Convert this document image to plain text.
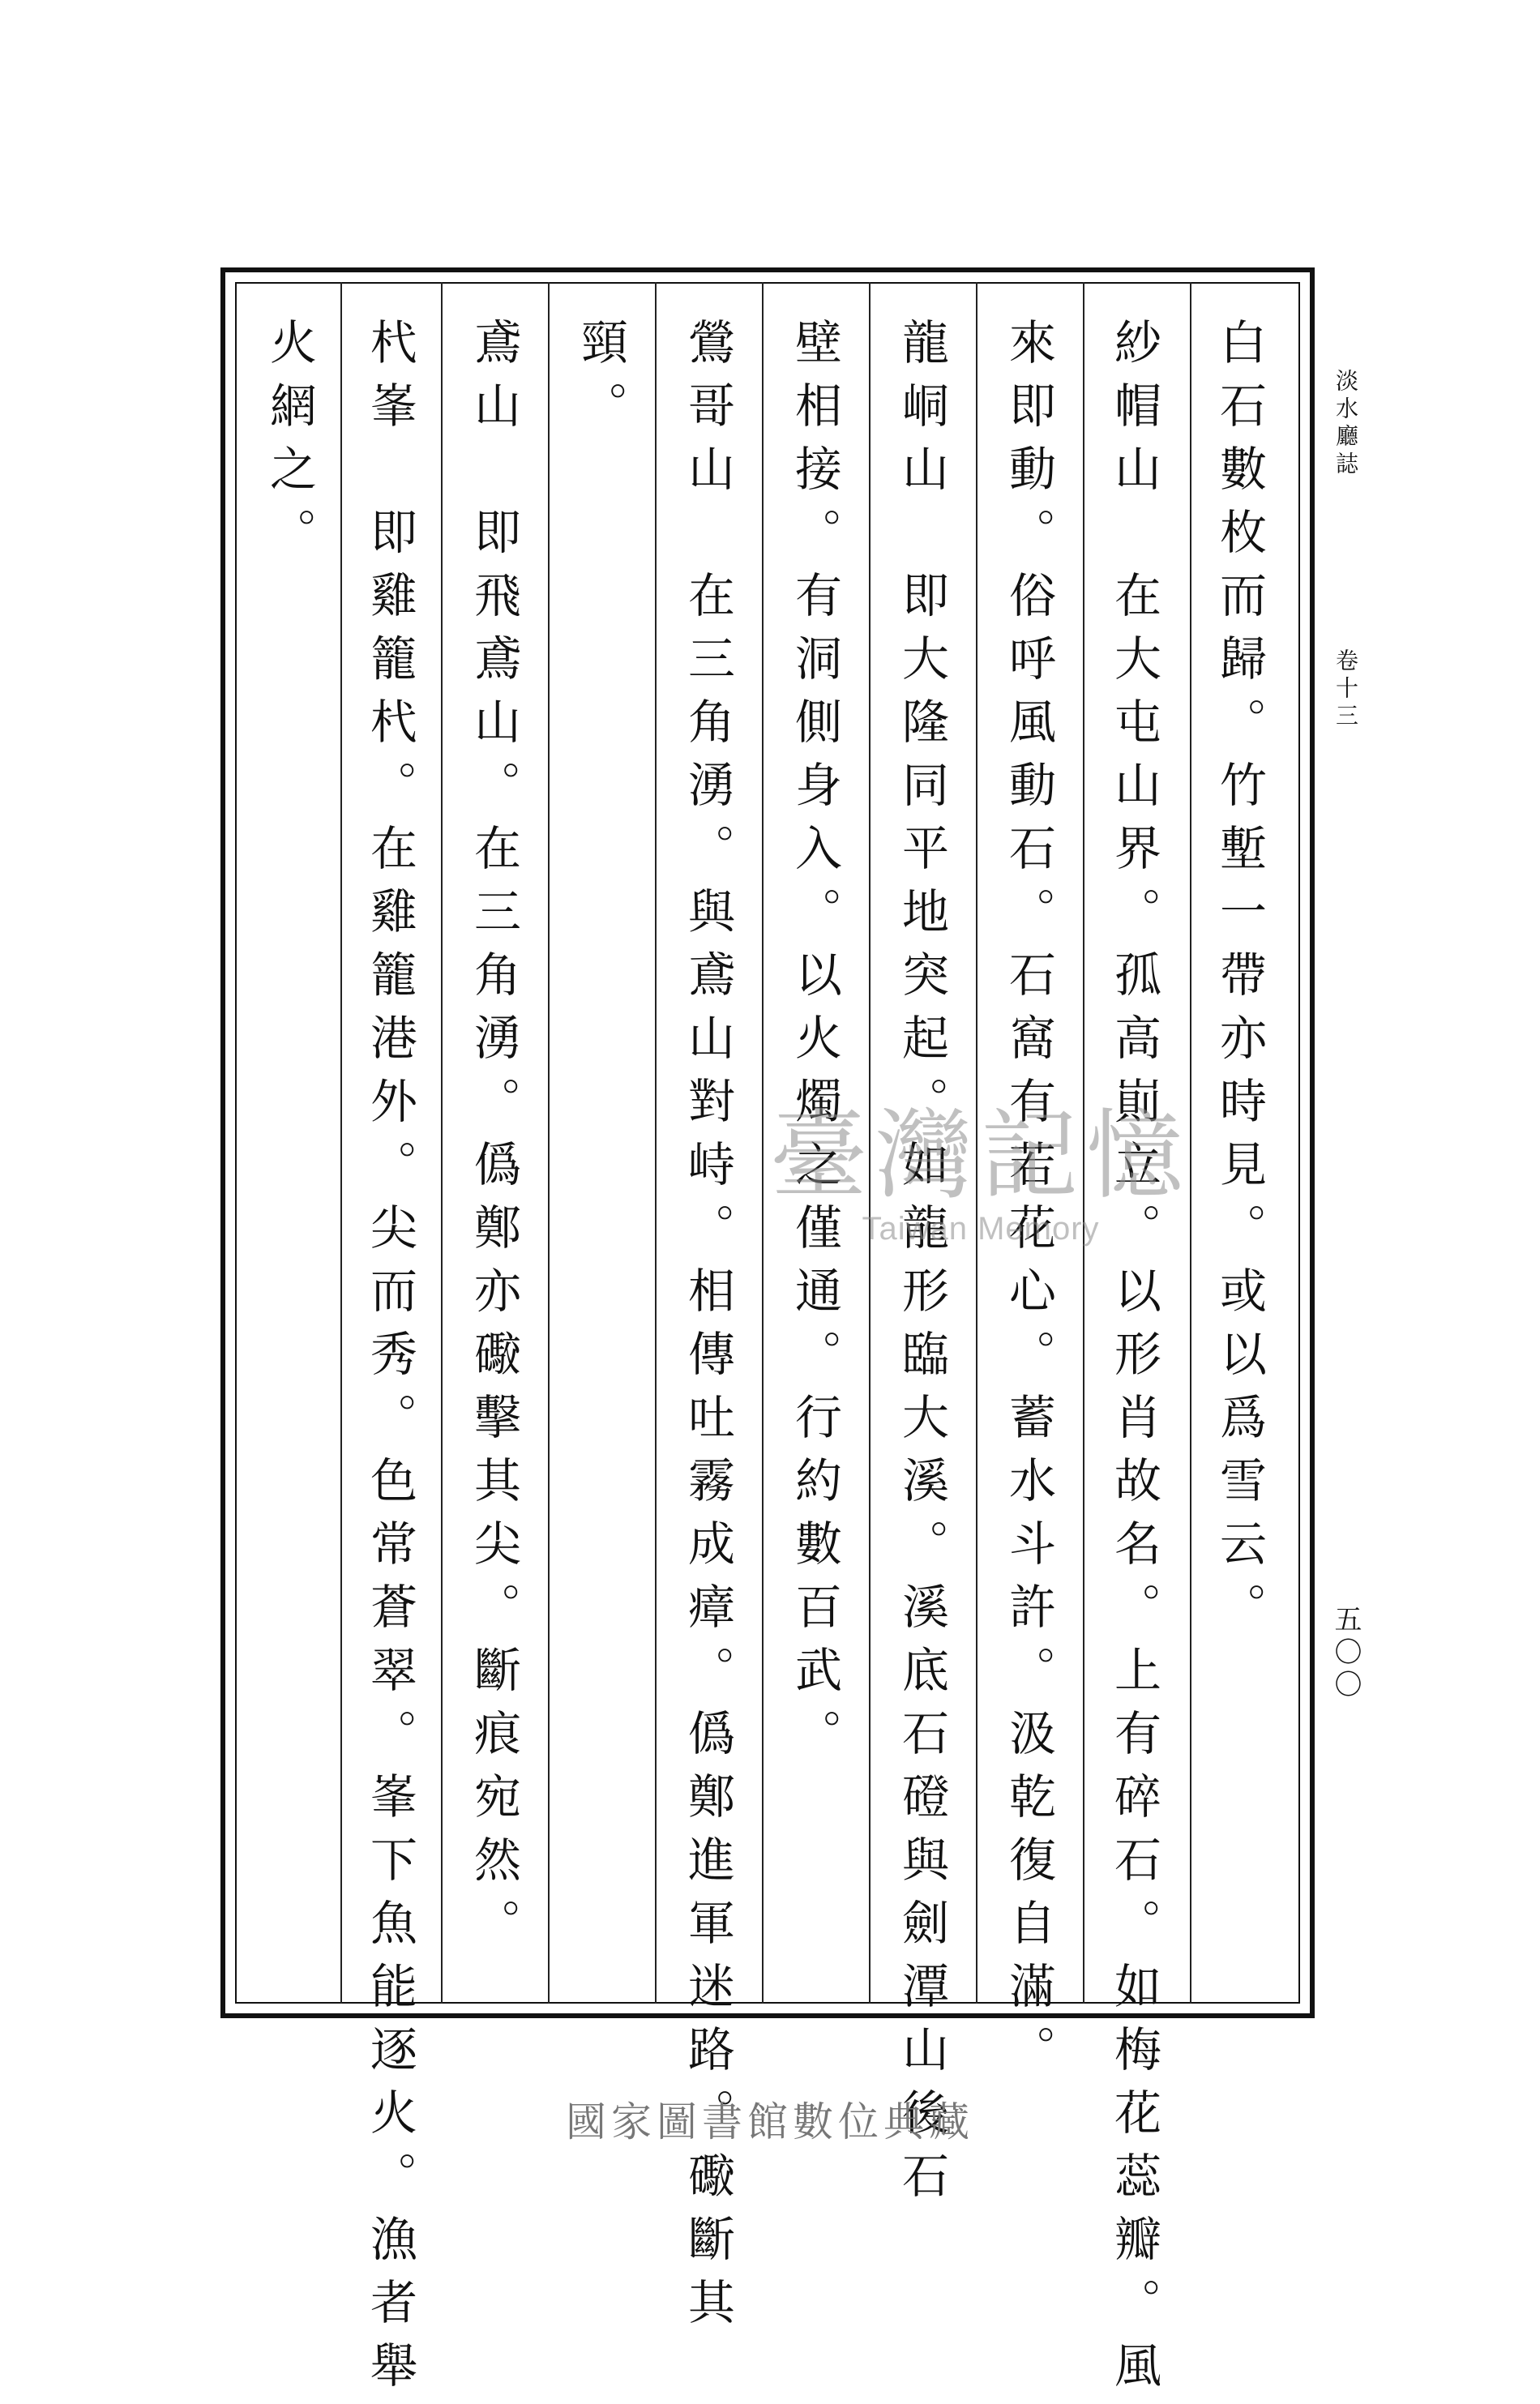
白石數枚而歸。竹塹一帶亦時見。或以爲雪云。
紗帽山　在大屯山界。孤高崱立。以形肖故名。上有碎石。如梅花蕊瓣。風
來即動。俗呼風動石。石窩有若花心。蓄水斗許。汲乾復自滿。
龍峒山　即大隆同平地突起。如龍形臨大溪。溪底石磴與劍潭山後石
壁相接。有洞側身入。以火燭之僅通。行約數百武。
鶯哥山　在三角湧。與鳶山對峙。相傳吐霧成瘴。僞鄭進軍迷路。礮斷其
頸。
鳶山　即飛鳶山。在三角湧。僞鄭亦礮擊其尖。斷痕宛然。
杙峯　即雞籠杙。在雞籠港外。尖而秀。色常蒼翠。峯下魚能逐火。漁者舉
火網之。	淡水廳誌
卷十三
五〇〇
臺灣記憶
Taiwan Memory
國家圖書館數位典藏
